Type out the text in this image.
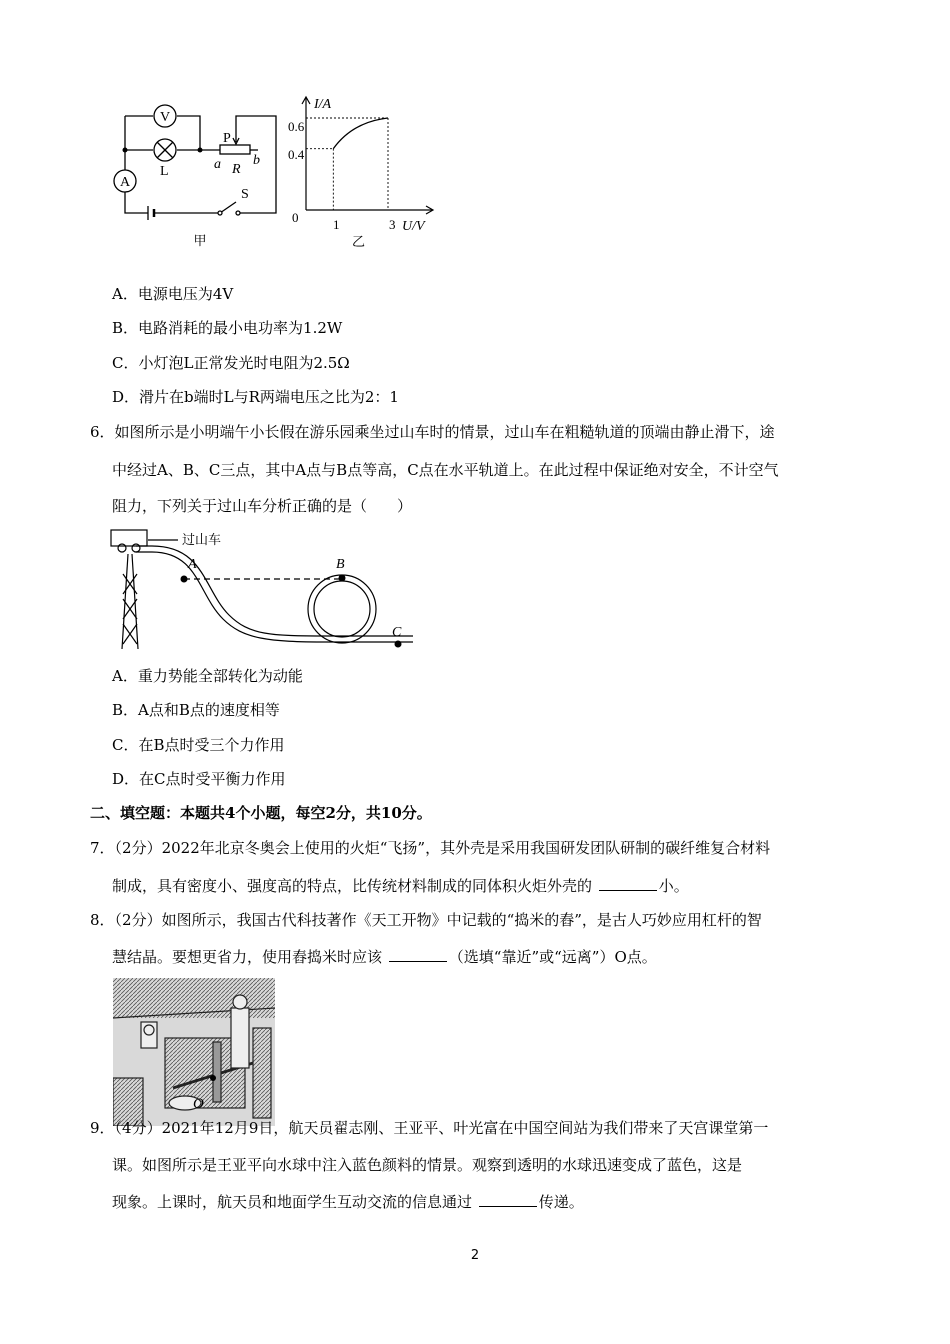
V
A
L
P
a R
b
S
甲
I/A
U/V
0
0.6
0.4
1	3
乙
A．电源电压为4V
B．电路消耗的最小电功率为1.2W
C．小灯泡L正常发光时电阻为2.5Ω
D．滑片在b端时L与R两端电压之比为2：1
6．如图所示是小明端午小长假在游乐园乘坐过山车时的情景，过山车在粗糙轨道的顶端由静止滑下，途
中经过A、B、C三点，其中A点与B点等高，C点在水平轨道上。在此过程中保证绝对安全，不计空气
阻力，下列关于过山车分析正确的是（　　）
过山车
A	B
C
A．重力势能全部转化为动能
B．A点和B点的速度相等
C．在B点时受三个力作用
D．在C点时受平衡力作用
二、填空题：本题共4个小题，每空2分，共10分。
7．（2分）2022年北京冬奥会上使用的火炬“飞扬”，其外壳是采用我国研发团队研制的碳纤维复合材料
制成，具有密度小、强度高的特点，比传统材料制成的同体积火炬外壳的	小。
8．（2分）如图所示，我国古代科技著作《天工开物》中记载的“捣米的舂”，是古人巧妙应用杠杆的智
慧结晶。要想更省力，使用舂捣米时应该	（选填“靠近”或“远离”）O点。
O
9．（4分）2021年12月9日，航天员翟志刚、王亚平、叶光富在中国空间站为我们带来了天宫课堂第一
课。如图所示是王亚平向水球中注入蓝色颜料的情景。观察到透明的水球迅速变成了蓝色，这是
现象。上课时，航天员和地面学生互动交流的信息通过	传递。
2
